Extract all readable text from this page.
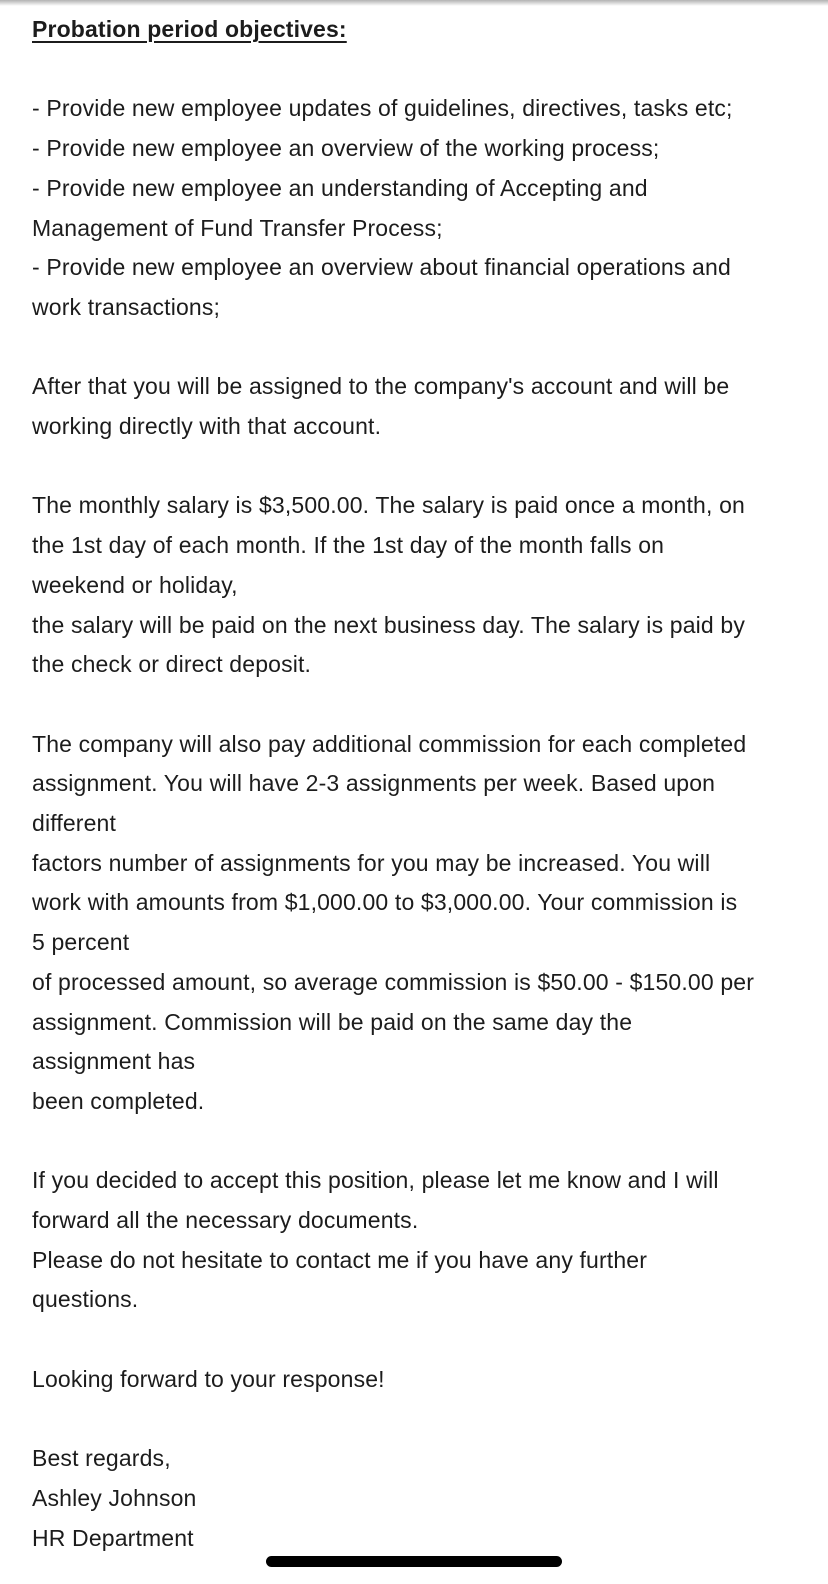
Probation period objectives:
- Provide new employee updates of guidelines, directives, tasks etc;
- Provide new employee an overview of the working process;
- Provide new employee an understanding of Accepting and
Management of Fund Transfer Process;
- Provide new employee an overview about financial operations and
work transactions;
After that you will be assigned to the company's account and will be
working directly with that account.
The monthly salary is $3,500.00. The salary is paid once a month, on
the 1st day of each month. If the 1st day of the month falls on
weekend or holiday,
the salary will be paid on the next business day. The salary is paid by
the check or direct deposit.
The company will also pay additional commission for each completed
assignment. You will have 2-3 assignments per week. Based upon
different
factors number of assignments for you may be increased. You will
work with amounts from $1,000.00 to $3,000.00. Your commission is
5 percent
of processed amount, so average commission is $50.00 - $150.00 per
assignment. Commission will be paid on the same day the
assignment has
been completed.
If you decided to accept this position, please let me know and I will
forward all the necessary documents.
Please do not hesitate to contact me if you have any further
questions.
Looking forward to your response!
Best regards,
Ashley Johnson
HR Department
